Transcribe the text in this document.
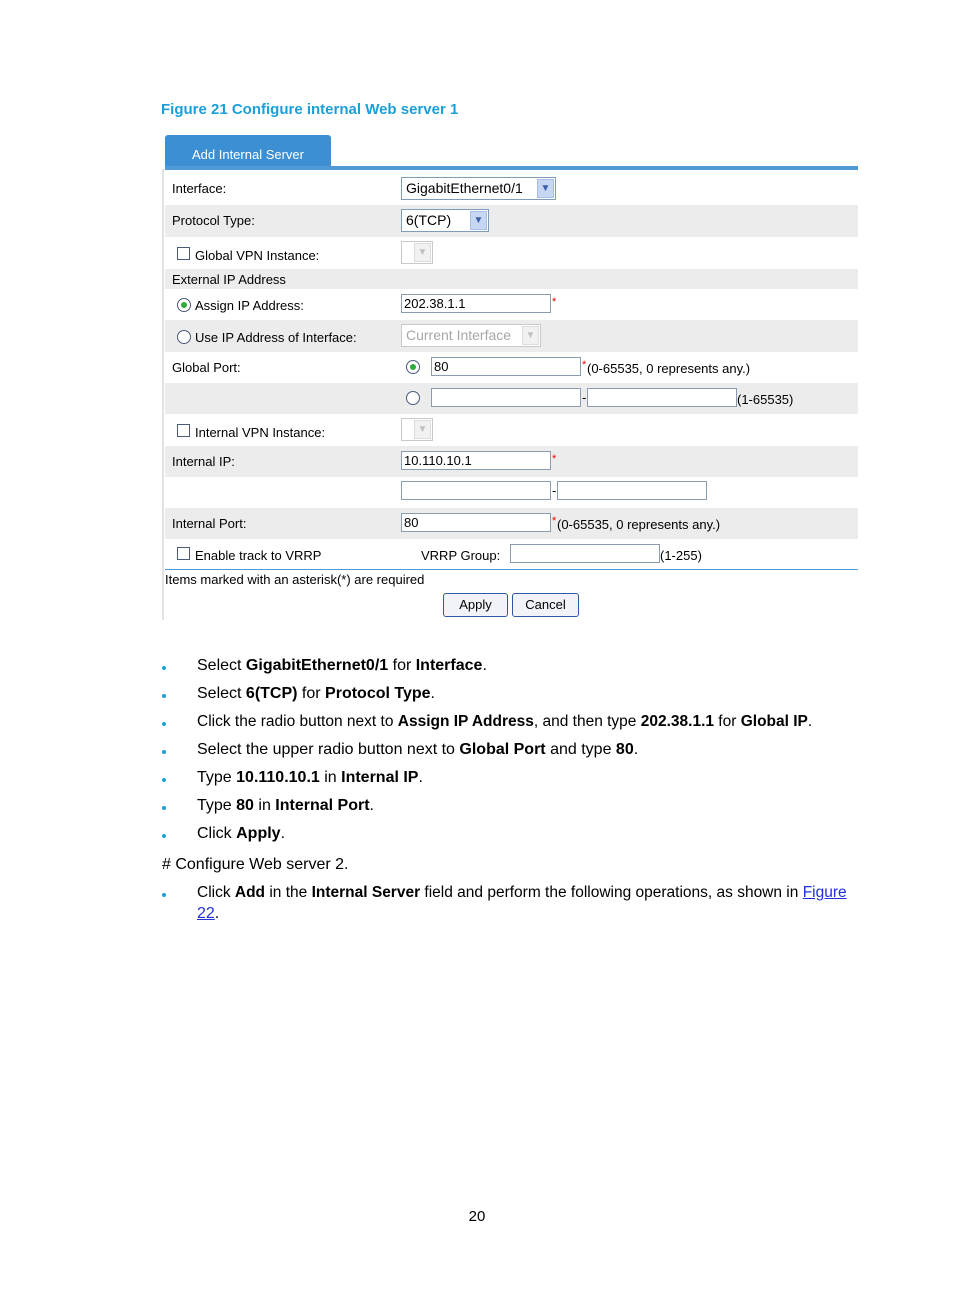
Figure 21 Configure internal Web server 1
Add Internal Server
Interface:	GigabitEthernet0/1	▼
Protocol Type:	6(TCP)	▼
Global VPN Instance:	▼
External IP Address
Assign IP Address:	202.38.1.1	*
Use IP Address of Interface:	Current Interface	▼
Global Port:	80	* (0-65535, 0 represents any.)
-	(1-65535)
Internal VPN Instance:	▼
Internal IP:	10.110.10.1	*
-
Internal Port:	80	* (0-65535, 0 represents any.)
Enable track to VRRP	VRRP Group:	(1-255)
Items marked with an asterisk(*) are required
Apply	Cancel
Select GigabitEthernet0/1 for Interface.
Select 6(TCP) for Protocol Type.
Click the radio button next to Assign IP Address, and then type 202.38.1.1 for Global IP.
Select the upper radio button next to Global Port and type 80.
Type 10.110.10.1 in Internal IP.
Type 80 in Internal Port.
Click Apply.
# Configure Web server 2.
Click Add in the Internal Server field and perform the following operations, as shown in Figure
22.
20
